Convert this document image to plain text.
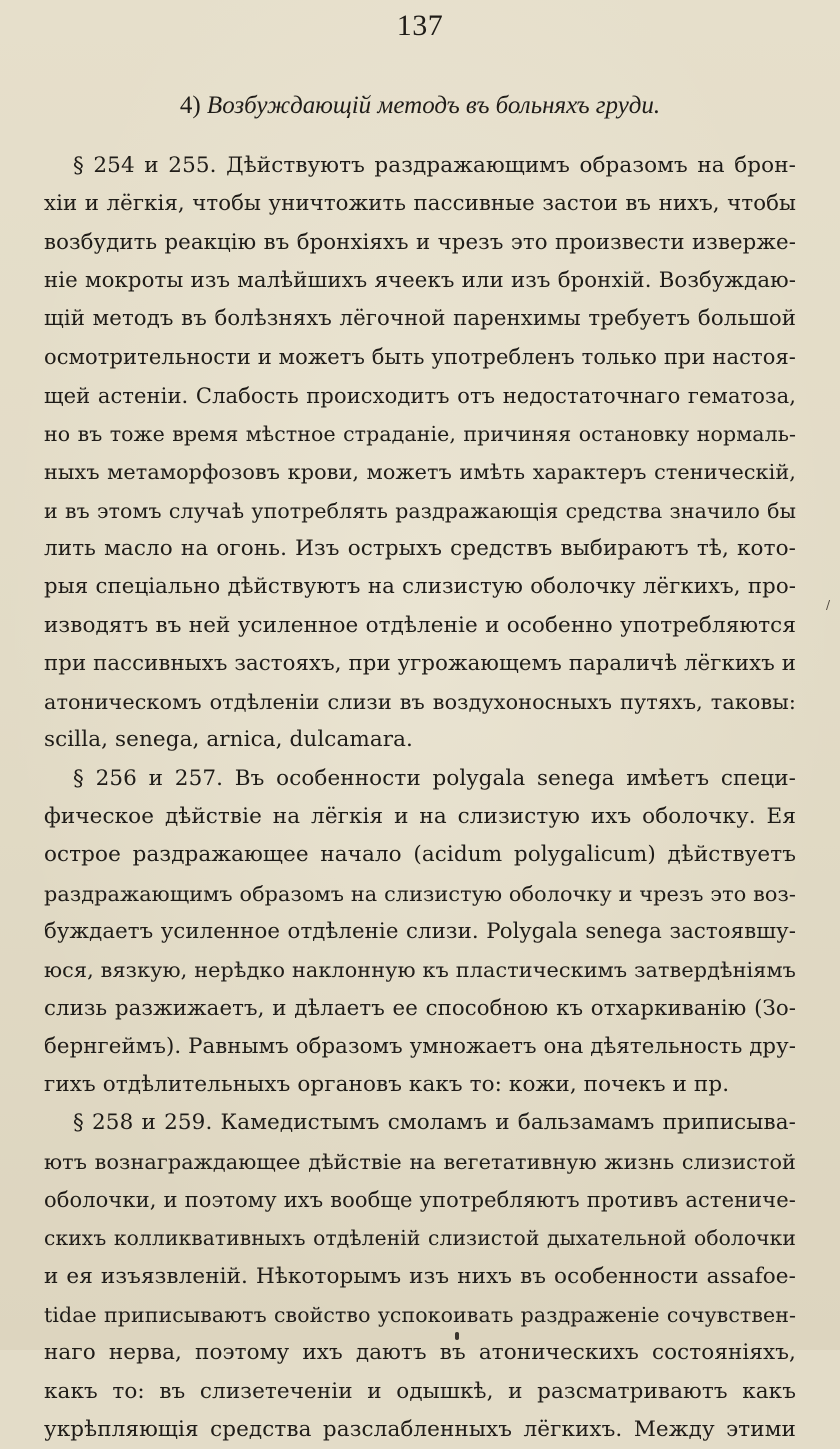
137
4) Возбуждающій методъ въ больняхъ груди.
§ 254 и 255. Дѣйствуютъ раздражающимъ образомъ на брон-
хіи и лёгкія, чтобы уничтожить пассивные застои въ нихъ, чтобы
возбудить реакцію въ бронхіяхъ и чрезъ это произвести изверже-
ніе мокроты изъ малѣйшихъ ячеекъ или изъ бронхій. Возбуждаю-
щій методъ въ болѣзняхъ лёгочной паренхимы требуетъ большой
осмотрительности и можетъ быть употребленъ только при настоя-
щей астеніи. Слабость происходитъ отъ недостаточнаго гематоза,
но въ тоже время мѣстное страданіе, причиняя остановку нормаль-
ныхъ метаморфозовъ крови, можетъ имѣть характеръ стеническій,
и въ этомъ случаѣ употреблять раздражающія средства значило бы
лить масло на огонь. Изъ острыхъ средствъ выбираютъ тѣ, кото-
рыя спеціально дѣйствуютъ на слизистую оболочку лёгкихъ, про-
изводятъ въ ней усиленное отдѣленіе и особенно употребляются
при пассивныхъ застояхъ, при угрожающемъ параличѣ лёгкихъ и
атоническомъ отдѣленіи слизи въ воздухоносныхъ путяхъ, таковы:
scilla, senega, arnica, dulcamara.
§ 256 и 257. Въ особенности polygala senega имѣетъ специ-
фическое дѣйствіе на лёгкія и на слизистую ихъ оболочку. Ея
острое раздражающее начало (acidum polygalicum) дѣйствуетъ
раздражающимъ образомъ на слизистую оболочку и чрезъ это воз-
буждаетъ усиленное отдѣленіе слизи. Polygala senega застоявшу-
юся, вязкую, нерѣдко наклонную къ пластическимъ затвердѣніямъ
слизь разжижаетъ, и дѣлаетъ ее способною къ отхаркиванію (Зо-
бернгеймъ). Равнымъ образомъ умножаетъ она дѣятельность дру-
гихъ отдѣлительныхъ органовъ какъ то: кожи, почекъ и пр.
§ 258 и 259. Камедистымъ смоламъ и бальзамамъ приписыва-
ютъ вознаграждающее дѣйствіе на вегетативную жизнь слизистой
оболочки, и поэтому ихъ вообще употребляютъ противъ астениче-
скихъ колликвативныхъ отдѣленій слизистой дыхательной оболочки
и ея изъязвленій. Нѣкоторымъ изъ нихъ въ особенности assafoe-
tidae приписываютъ свойство успокоивать раздраженіе сочувствен-
наго нерва, поэтому ихъ даютъ въ атоническихъ состояніяхъ,
какъ то: въ слизетеченіи и одышкѣ, и разсматриваютъ какъ
укрѣпляющія средства разслабленныхъ лёгкихъ. Между этими
/
